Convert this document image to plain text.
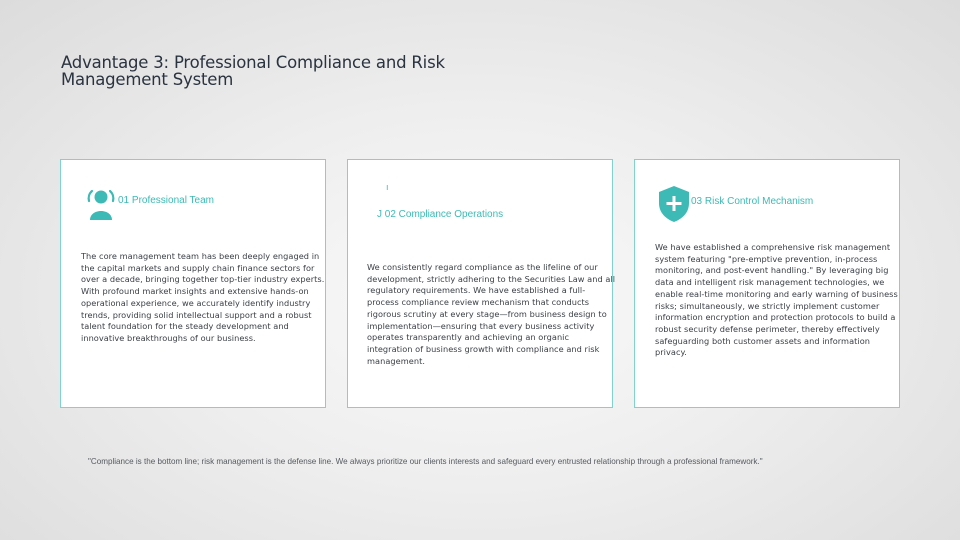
Advantage 3: Professional Compliance and Risk Management System
01 Professional Team

The core management team has been deeply engaged in the capital markets and supply chain finance sectors for over a decade, bringing together top-tier industry experts.

With profound market insights and extensive hands-on operational experience, we accurately identify industry trends, providing solid intellectual support and a robust talent foundation for the steady development and innovative breakthroughs of our business.

ı
J 02 Compliance Operations

We consistently regard compliance as the lifeline of our development, strictly adhering to the Securities Law and all regulatory requirements. We have established a full-process compliance review mechanism that conducts rigorous scrutiny at every stage—from business design to implementation—ensuring that every business activity operates transparently and achieving an organic integration of business growth with compliance and risk management.

03 Risk Control Mechanism

We have established a comprehensive risk management system featuring "pre-emptive prevention, in-process monitoring, and post-event handling." By leveraging big data and intelligent risk management technologies, we enable real-time monitoring and early warning of business risks; simultaneously, we strictly implement customer information encryption and protection protocols to build a robust security defense perimeter, thereby effectively safeguarding both customer assets and information privacy.

"Compliance is the bottom line; risk management is the defense line. We always prioritize our clients interests and safeguard every entrusted relationship through a professional framework."
